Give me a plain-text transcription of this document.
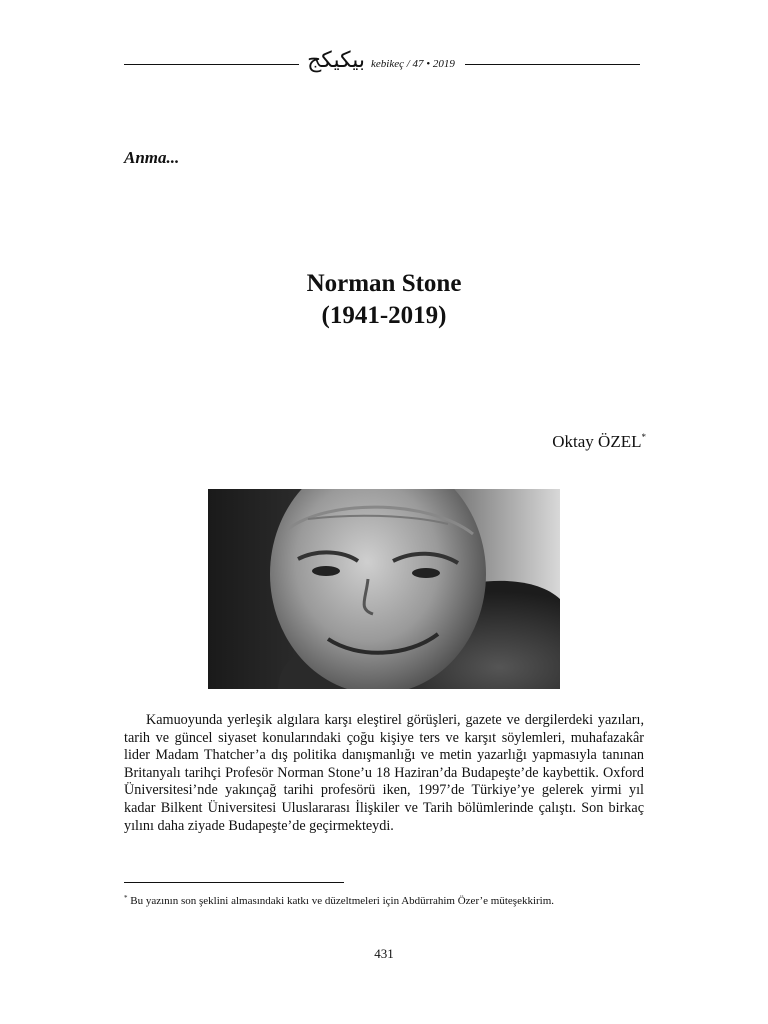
بيكيكج kebikeç / 47 • 2019
Anma...
Norman Stone
(1941-2019)
Oktay ÖZEL*

Kamuoyunda yerleşik algılara karşı eleştirel görüşleri, gazete ve dergilerdeki yazıları, tarih ve güncel siyaset konularındaki çoğu kişiye ters ve karşıt söylemleri, muhafazakâr lider Madam Thatcher’a dış politika danışmanlığı ve metin yazarlığı yapmasıyla tanınan Britanyalı tarihçi Profesör Norman Stone’u 18 Haziran’da Budapeşte’de kaybettik. Oxford Üniversitesi’nde yakınçağ tarihi profesörü iken, 1997’de Türkiye’ye gelerek yirmi yıl kadar Bilkent Üniversitesi Uluslararası İlişkiler ve Tarih bölümlerinde çalıştı. Son birkaç yılını daha ziyade Budapeşte’de geçirmekteydi.

* Bu yazının son şeklini almasındaki katkı ve düzeltmeleri için Abdürrahim Özer’e müteşekkirim.

431
